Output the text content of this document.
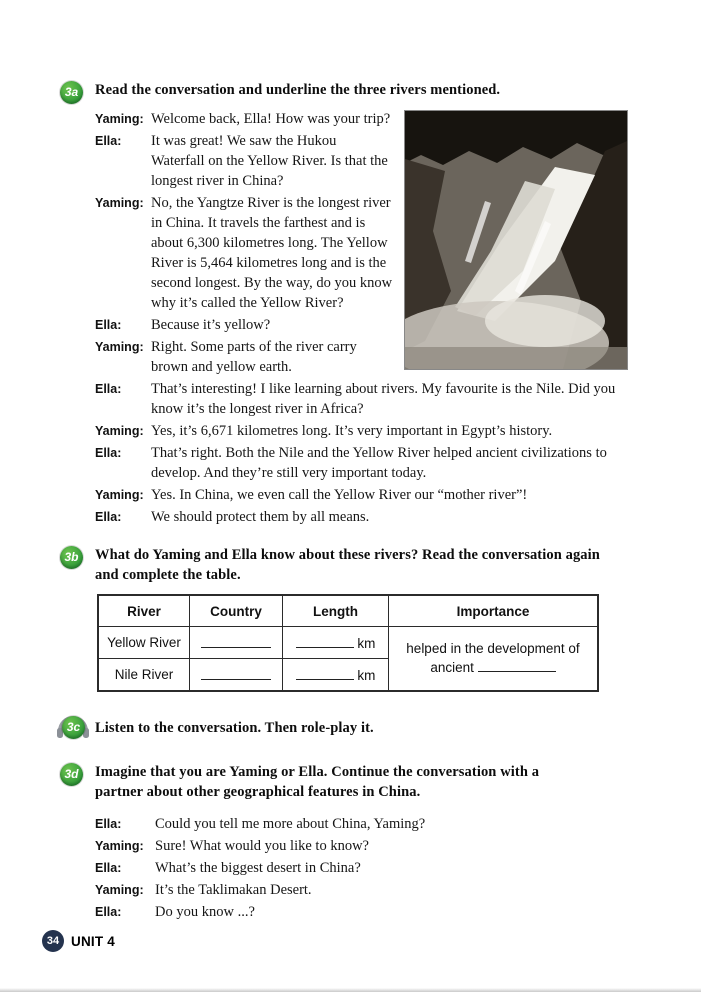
3a	Read the conversation and underline the three rivers mentioned.

Yaming: Welcome back, Ella! How was your trip?

Ella: It was great! We saw the Hukou Waterfall on the Yellow River. Is that the longest river in China?

Yaming: No, the Yangtze River is the longest river in China. It travels the farthest and is about 6,300 kilometres long. The Yellow River is 5,464 kilometres long and is the second longest. By the way, do you know why it’s called the Yellow River?

Ella: Because it’s yellow?

Yaming: Right. Some parts of the river carry brown and yellow earth.

Ella: That’s interesting! I like learning about rivers. My favourite is the Nile. Did you know it’s the longest river in Africa?

Yaming: Yes, it’s 6,671 kilometres long. It’s very important in Egypt’s history.

Ella: That’s right. Both the Nile and the Yellow River helped ancient civilizations to develop. And they’re still very important today.

Yaming: Yes. In China, we even call the Yellow River our “mother river”!

Ella: We should protect them by all means.

3b	What do Yaming and Ella know about these rivers? Read the conversation again and complete the table.
River	Country	Length	Importance
Yellow River		km	helped in the development of ancient
Nile River		km	
3c	Listen to the conversation. Then role-play it.
3d	Imagine that you are Yaming or Ella. Continue the conversation with a partner about other geographical features in China.

Ella: Could you tell me more about China, Yaming?

Yaming: Sure! What would you like to know?

Ella: What’s the biggest desert in China?

Yaming: It’s the Taklimakan Desert.

Ella: Do you know ...?

34 UNIT 4
